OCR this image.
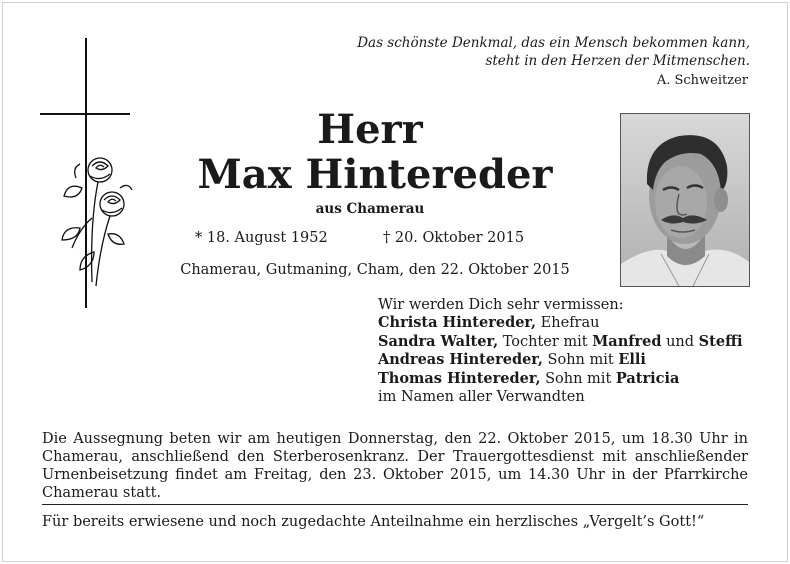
Das schönste Denkmal, das ein Mensch bekommen kann,
steht in den Herzen der Mitmenschen.
A. Schweitzer
Herr
Max Hintereder
aus Chamerau
* 18. August 1952	† 20. Oktober 2015
Chamerau, Gutmaning, Cham, den 22. Oktober 2015
Wir werden Dich sehr vermissen:
Christa Hintereder, Ehefrau
Sandra Walter, Tochter mit Manfred und Steffi
Andreas Hintereder, Sohn mit Elli
Thomas Hintereder, Sohn mit Patricia
im Namen aller Verwandten
Die Aussegnung beten wir am heutigen Donnerstag, den 22. Oktober 2015, um 18.30 Uhr in Chamerau, anschließend den Sterberosenkranz. Der Trauergottesdienst mit anschließender Urnenbeisetzung findet am Freitag, den 23. Oktober 2015, um 14.30 Uhr in der Pfarrkirche Chamerau statt.
Für bereits erwiesene und noch zugedachte Anteilnahme ein herzlisches „Vergelt’s Gott!“
